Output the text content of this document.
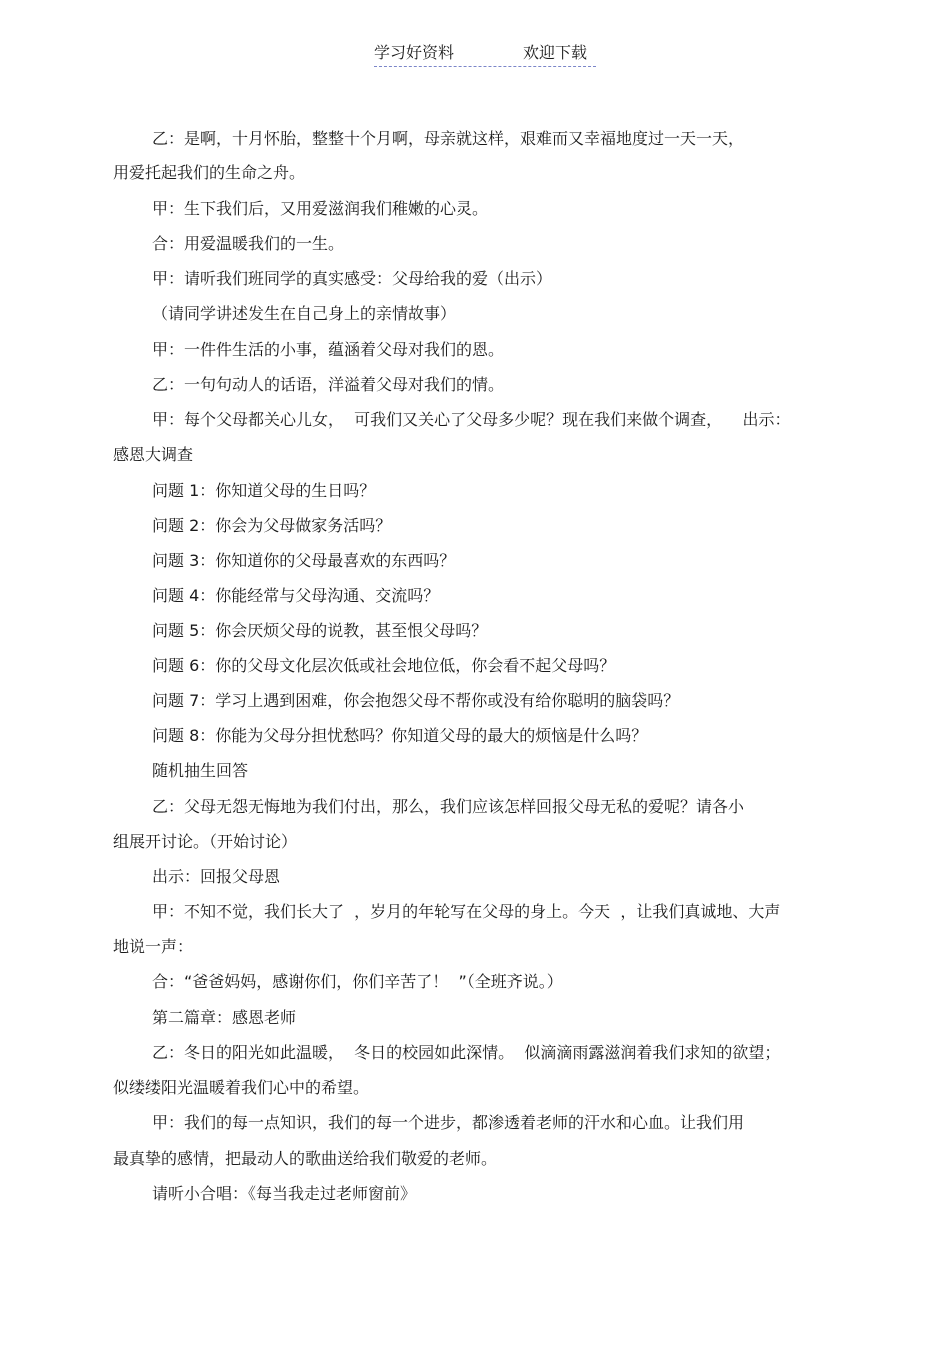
学习好资料	欢迎下载
乙：是啊，十月怀胎，整整十个月啊，母亲就这样，艰难而又幸福地度过一天一天，
用爱托起我们的生命之舟。
甲：生下我们后，又用爱滋润我们稚嫩的心灵。
合：用爱温暖我们的一生。
甲：请听我们班同学的真实感受：父母给我的爱（出示）
（请同学讲述发生在自己身上的亲情故事）
甲：一件件生活的小事，蕴涵着父母对我们的恩。
乙：一句句动人的话语，洋溢着父母对我们的情。
甲：每个父母都关心儿女，  可我们又关心了父母多少呢？现在我们来做个调查，    出示：
感恩大调查
问题 1：你知道父母的生日吗？
问题 2：你会为父母做家务活吗？
问题 3：你知道你的父母最喜欢的东西吗？
问题 4：你能经常与父母沟通、交流吗？
问题 5：你会厌烦父母的说教，甚至恨父母吗？
问题 6：你的父母文化层次低或社会地位低，你会看不起父母吗？
问题 7：学习上遇到困难，你会抱怨父母不帮你或没有给你聪明的脑袋吗？
问题 8：你能为父母分担忧愁吗？你知道父母的最大的烦恼是什么吗？
随机抽生回答
乙：父母无怨无悔地为我们付出，那么，我们应该怎样回报父母无私的爱呢？请各小
组展开讨论。（开始讨论）
出示：回报父母恩
甲：不知不觉，我们长大了  ，岁月的年轮写在父母的身上。今天  ，让我们真诚地、大声
地说一声：
合：“爸爸妈妈，感谢你们，你们辛苦了！  ”（全班齐说。）
第二篇章：感恩老师
乙：冬日的阳光如此温暖，  冬日的校园如此深情。  似滴滴雨露滋润着我们求知的欲望；
似缕缕阳光温暖着我们心中的希望。
甲：我们的每一点知识，我们的每一个进步，都渗透着老师的汗水和心血。让我们用
最真挚的感情，把最动人的歌曲送给我们敬爱的老师。
请听小合唱：《每当我走过老师窗前》
